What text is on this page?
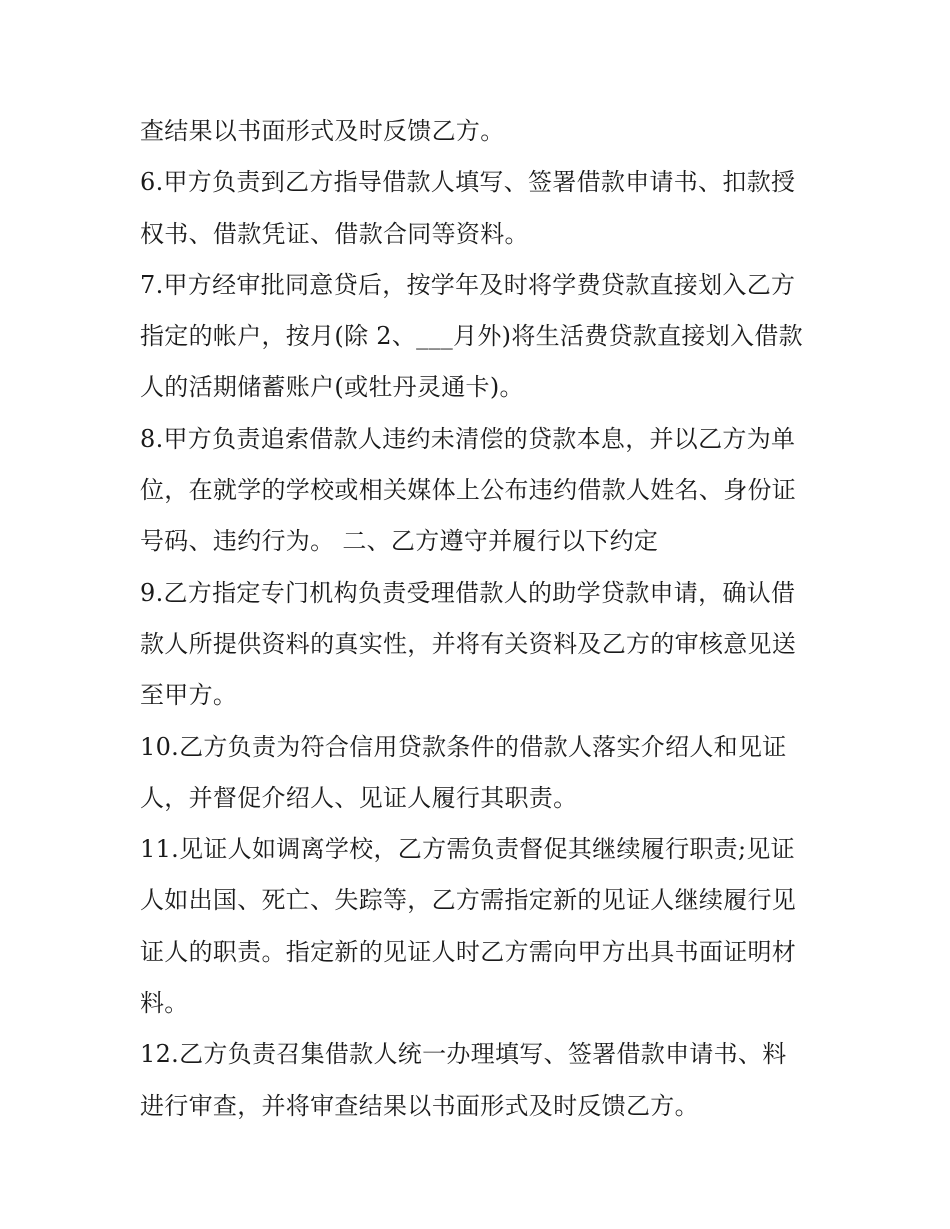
查结果以书面形式及时反馈乙方。
6.甲方负责到乙方指导借款人填写、签署借款申请书、扣款授
权书、借款凭证、借款合同等资料。
7.甲方经审批同意贷后，按学年及时将学费贷款直接划入乙方
指定的帐户，按月(除 2、___月外)将生活费贷款直接划入借款
人的活期储蓄账户(或牡丹灵通卡)。
8.甲方负责追索借款人违约未清偿的贷款本息，并以乙方为单
位，在就学的学校或相关媒体上公布违约借款人姓名、身份证
号码、违约行为。 二、乙方遵守并履行以下约定
9.乙方指定专门机构负责受理借款人的助学贷款申请，确认借
款人所提供资料的真实性，并将有关资料及乙方的审核意见送
至甲方。
10.乙方负责为符合信用贷款条件的借款人落实介绍人和见证
人，并督促介绍人、见证人履行其职责。
11.见证人如调离学校，乙方需负责督促其继续履行职责;见证
人如出国、死亡、失踪等，乙方需指定新的见证人继续履行见
证人的职责。指定新的见证人时乙方需向甲方出具书面证明材
料。
12.乙方负责召集借款人统一办理填写、签署借款申请书、料
进行审查，并将审查结果以书面形式及时反馈乙方。
